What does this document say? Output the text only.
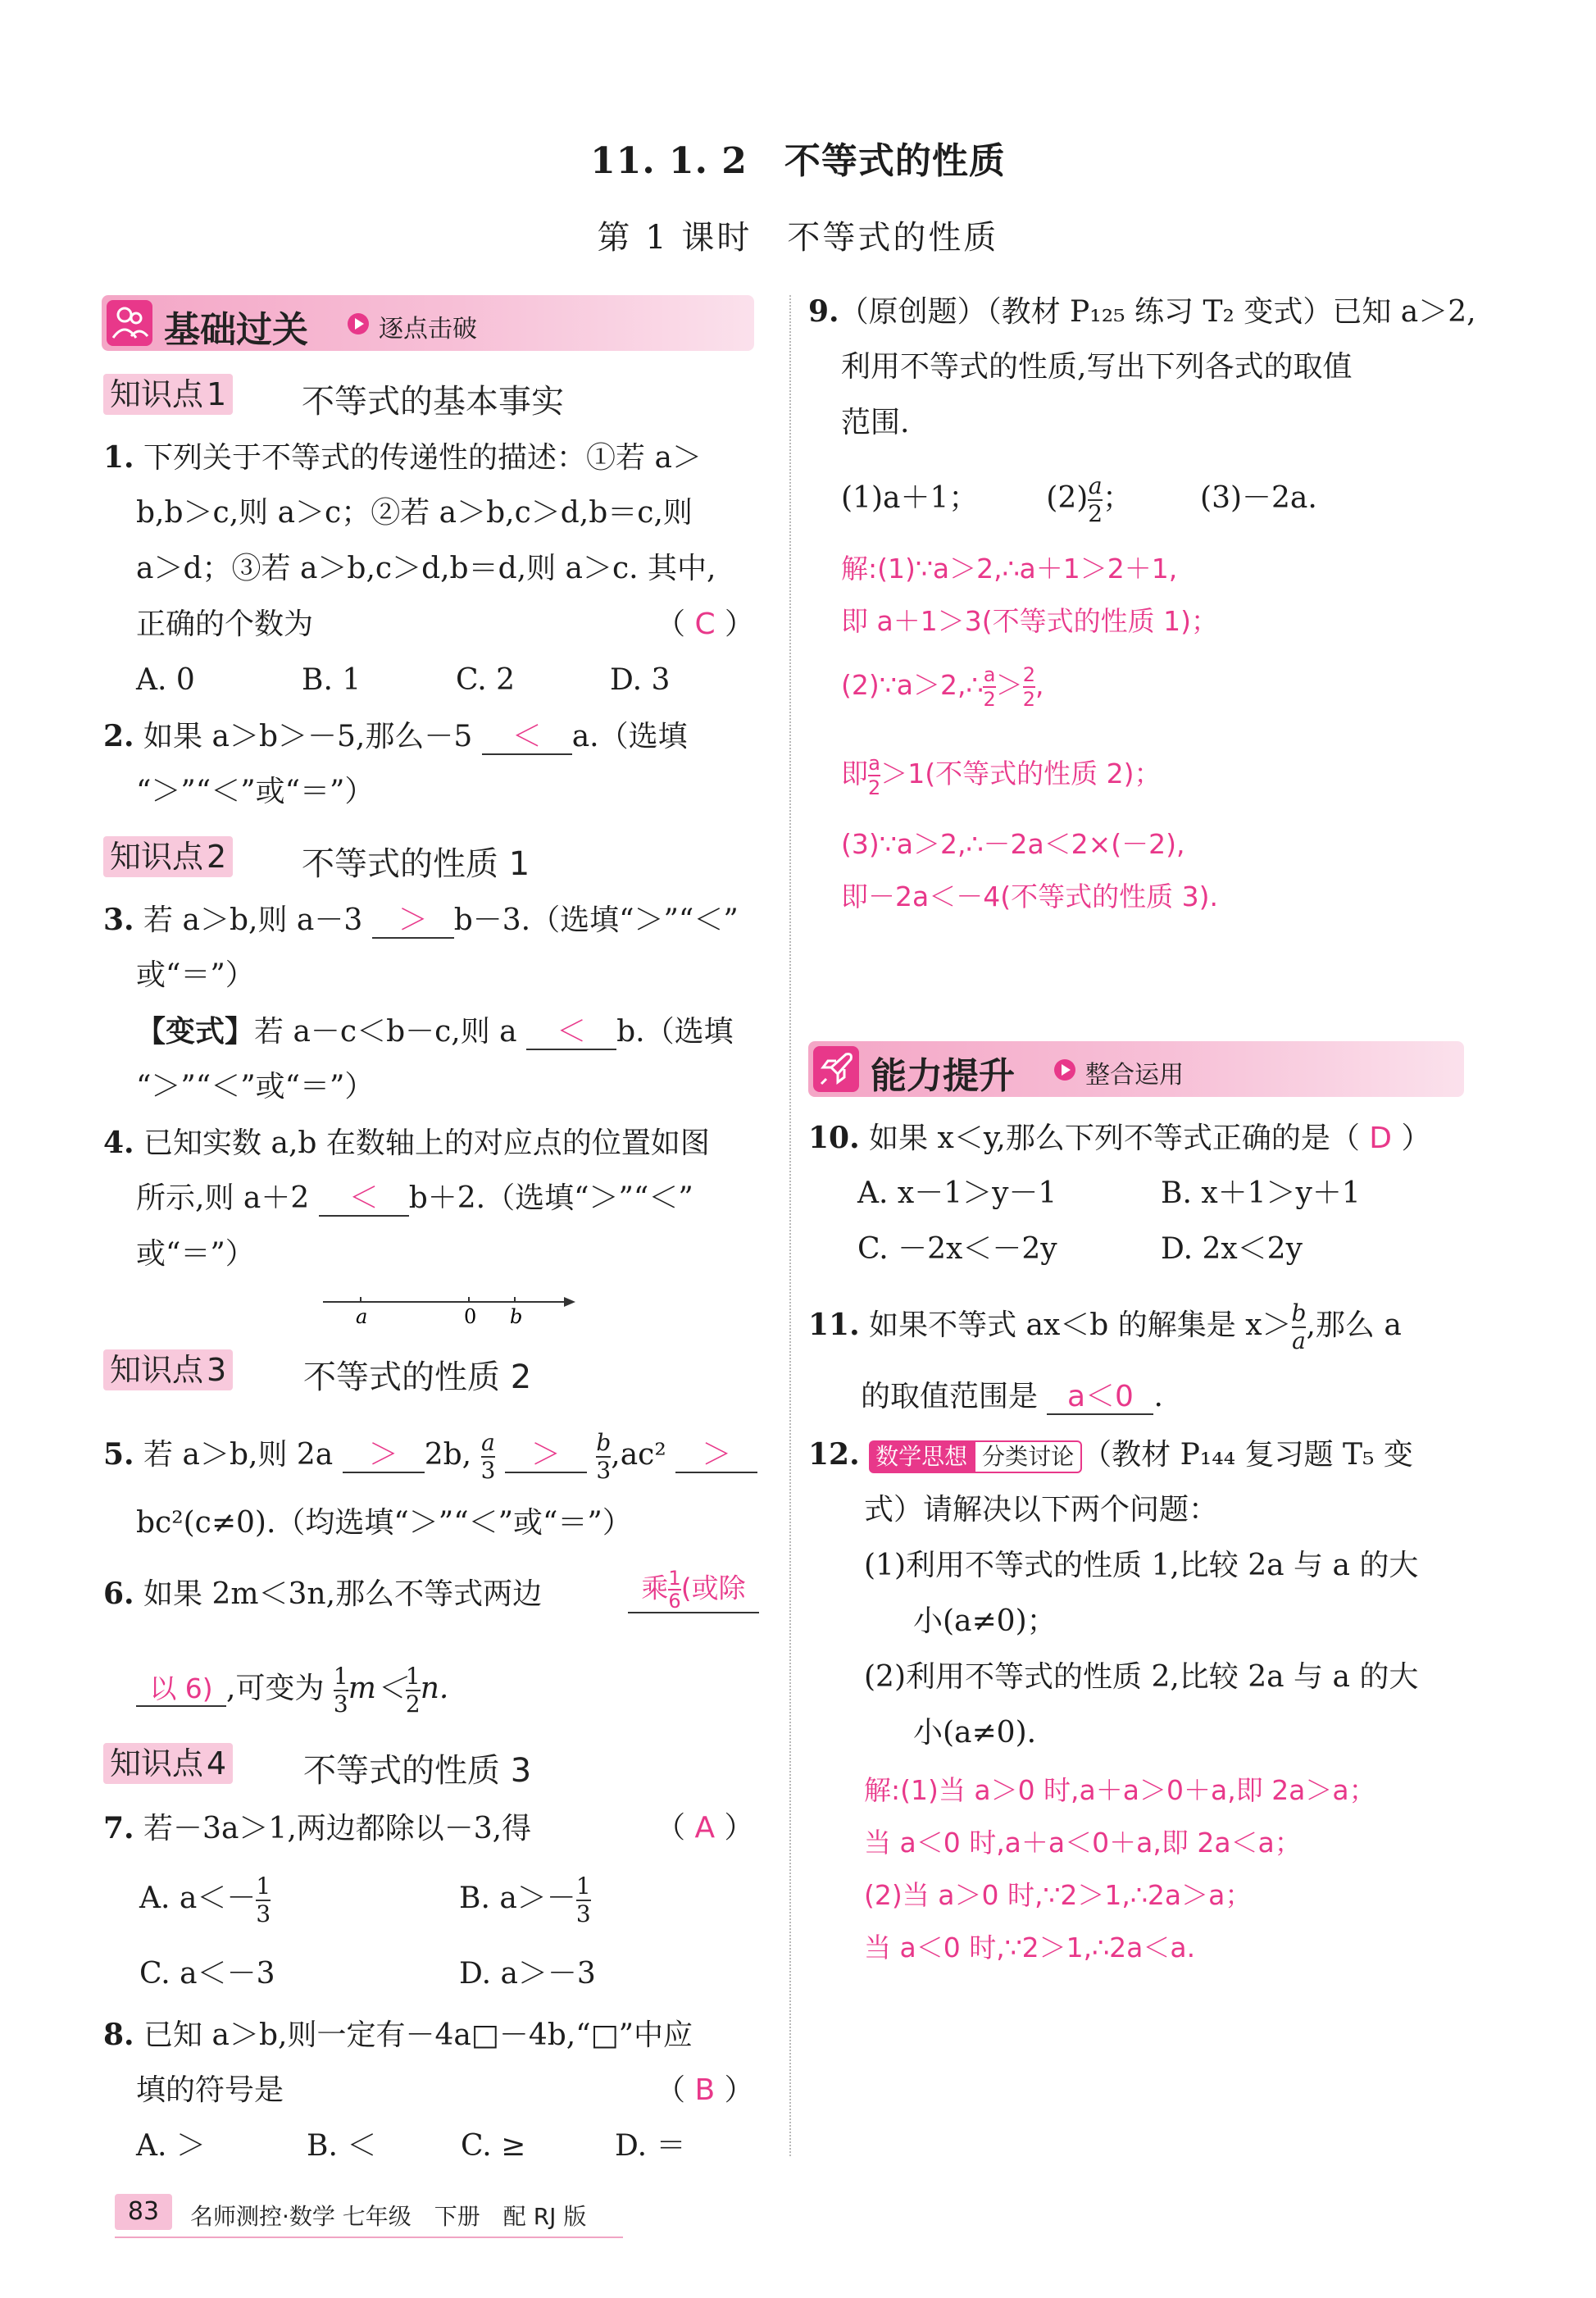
11. 1. 2　不等式的性质
第 1 课时　不等式的性质
基础过关	逐点击破
知识点 1 不等式的基本事实
1. 下列关于不等式的传递性的描述：①若 a＞
b,b＞c,则 a＞c；②若 a＞b,c＞d,b＝c,则
a＞d；③若 a＞b,c＞d,b＝d,则 a＞c. 其中,
正确的个数为	（ C ）
A. 0	B. 1	C. 2	D. 3
2. 如果 a＞b＞－5,那么－5 ＜ a.（选填
“＞”“＜”或“＝”）
知识点 2 不等式的性质 1
3. 若 a＞b,则 a－3 ＞ b－3.（选填“＞”“＜”
或“＝”）
【变式】若 a－c＜b－c,则 a ＜ b.（选填
“＞”“＜”或“＝”）
4. 已知实数 a,b 在数轴上的对应点的位置如图
所示,则 a＋2 ＜ b＋2.（选填“＞”“＜”
或“＝”）
a	0 b
知识点 3 不等式的性质 2
5. 若 a＞b,则 2a ＞ 2b, $\frac{a}{3} > \frac{b}{3} ,ac^2$ ＞
bc²(c≠0).（均选填“＞”“＜”或“＝”）
6. 如果 2m＜3n,那么不等式两边	乘 $\frac{1}{6}$ (或除
以 6) ,可变为 $\frac{1}{3} m< \frac{1}{2} n$.
知识点 4 不等式的性质 3
7. 若－3a＞1,两边都除以－3,得	（ A ）
A. $a<- \frac{1}{3}$	B. $a>- \frac{1}{3}$
C. a＜－3	D. a＞－3
8. 已知 a＞b,则一定有－4a□－4b,“□”中应
填的符号是	（ B ）
A. ＞	B. ＜	C. ≥	D. ＝
9.（原创题）（教材 P₁₂₅ 练习 T₂ 变式）已知 a＞2,
利用不等式的性质,写出下列各式的取值
范围.
(1)a＋1； $(2) \frac{a}{2}$ ； (3)－2a.
解:(1)∵a＞2,∴a＋1＞2＋1,
即 a＋1＞3(不等式的性质 1)；
(2)∵a＞2,∴ $\frac{a}{2} > \frac{2}{2}$ ,
即 $\frac{a}{2} >1$(不等式的性质 2)；
(3)∵a＞2,∴－2a＜2×(－2),
即－2a＜－4(不等式的性质 3).
能力提升	整合运用
10. 如果 x＜y,那么下列不等式正确的是（ D ）
A. x－1＞y－1	B. x＋1＞y＋1
C. －2x＜－2y	D. 2x＜2y
11. 如果不等式 ax＜b 的解集是 $x> \frac{b}{a}$ ,那么 a
的取值范围是 a＜0 .
12. 数学思想 分类讨论 （教材 P₁₄₄ 复习题 T₅ 变
式）请解决以下两个问题：
(1)利用不等式的性质 1,比较 2a 与 a 的大
小(a≠0)；
(2)利用不等式的性质 2,比较 2a 与 a 的大
小(a≠0).
解:(1)当 a＞0 时,a＋a＞0＋a,即 2a＞a；
当 a＜0 时,a＋a＜0＋a,即 2a＜a；
(2)当 a＞0 时,∵2＞1,∴2a＞a；
当 a＜0 时,∵2＞1,∴2a＜a.
83	名师测控·数学 七年级　下册　配 RJ 版
